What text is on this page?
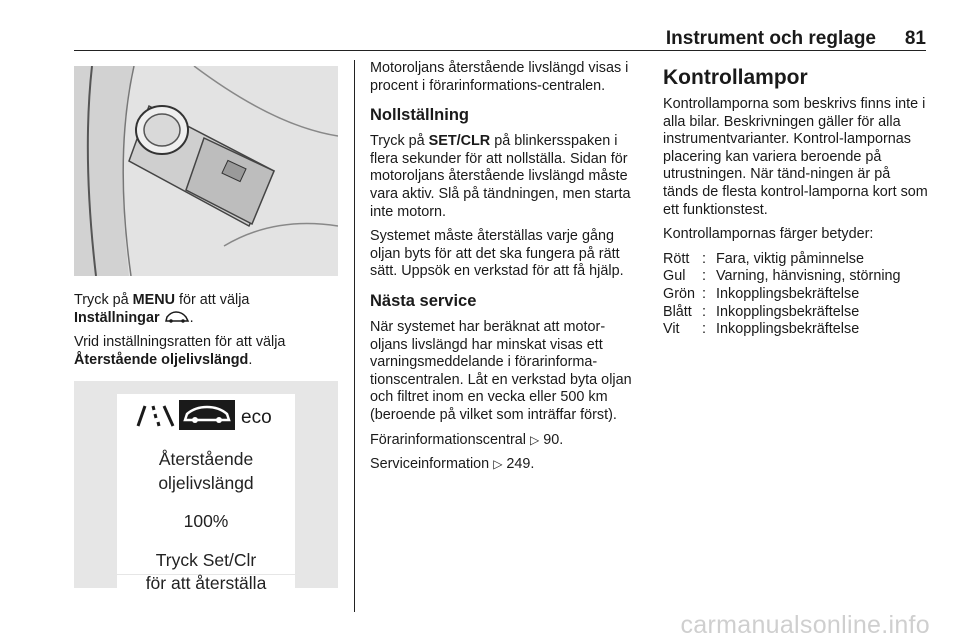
Instrument och reglage 81

Tryck på MENU för att välja
Inställningar .

Vrid inställningsratten för att välja
Återstående oljelivslängd.

eco
Återstående
oljelivslängd
100%
Tryck Set/Clr
för att återställa

Motoroljans återstående livslängd visas i procent i förarinformations-centralen.

Nollställning

Tryck på SET/CLR på blinkersspaken i flera sekunder för att nollställa. Sidan för motoroljans återstående livslängd måste vara aktiv. Slå på tändningen, men starta inte motorn.

Systemet måste återställas varje gång oljan byts för att det ska fungera på rätt sätt. Uppsök en verkstad för att få hjälp.

Nästa service

När systemet har beräknat att motor-oljans livslängd har minskat visas ett varningsmeddelande i förarinforma-tionscentralen. Låt en verkstad byta oljan och filtret inom en vecka eller 500 km (beroende på vilket som inträffar först).

Förarinformationscentral ▷ 90.

Serviceinformation ▷ 249.

Kontrollampor

Kontrollamporna som beskrivs finns inte i alla bilar. Beskrivningen gäller för alla instrumentvarianter. Kontrol-lampornas placering kan variera beroende på utrustningen. När tänd-ningen är på tänds de flesta kontrol-lamporna kort som ett funktionstest.

Kontrollampornas färger betyder:

Rött : Fara, viktig påminnelse
Gul	: Varning, hänvisning, störning
Grön : Inkopplingsbekräftelse
Blått : Inkopplingsbekräftelse
Vit	: Inkopplingsbekräftelse
carmanualsonline.info
